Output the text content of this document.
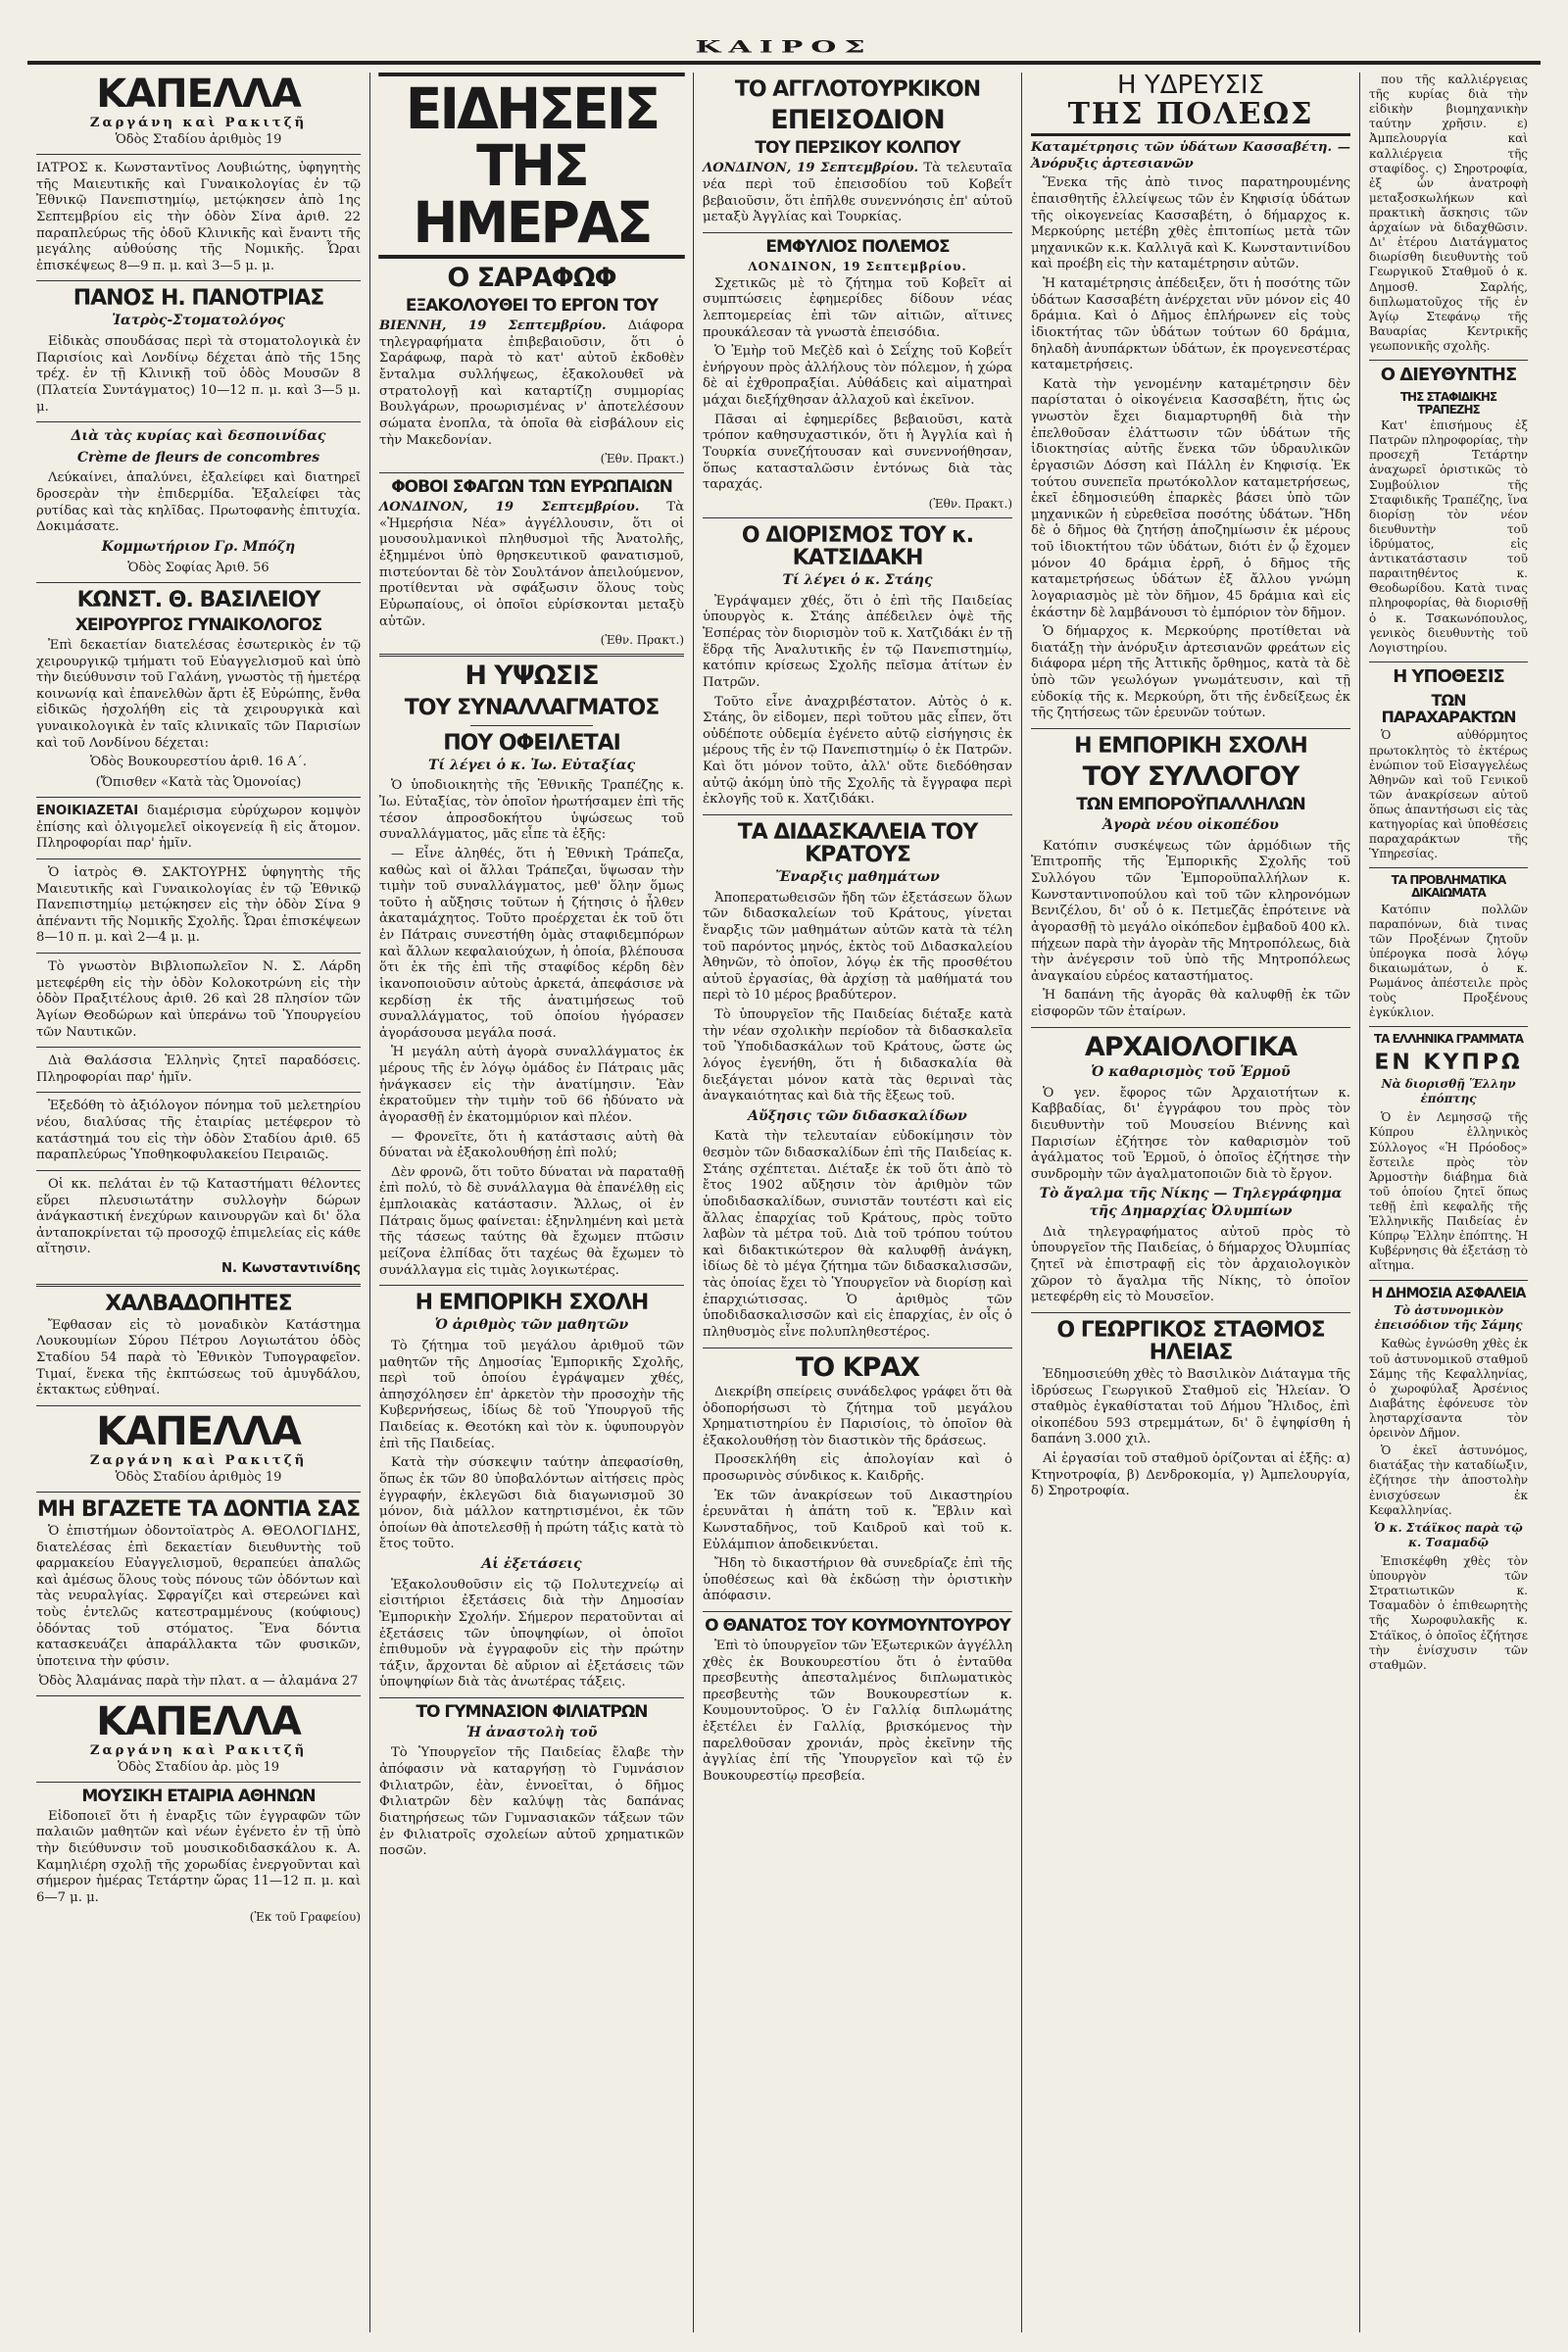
ΚΑΙΡΟΣ
ΚΑΠΕΛΛΑ
Ζαργάνη καὶ Ρακιτζῆ
Ὁδὸς Σταδίου ἀριθμὸς 19

ΙΑΤΡΟΣ κ. Κωνσταντῖνος Λουβιώτης, ὑφηγητὴς τῆς Μαιευτικῆς καὶ Γυναικολογίας ἐν τῷ Ἐθνικῷ Πανεπιστημίῳ, μετῴκησεν ἀπὸ 1ης Σεπτεμβρίου εἰς τὴν ὁδὸν Σίνα ἀριθ. 22 παραπλεύρως τῆς ὁδοῦ Κλινικῆς καὶ ἔναντι τῆς μεγάλης αὐθούσης τῆς Νομικῆς. Ὧραι ἐπισκέψεως 8—9 π. μ. καὶ 3—5 μ. μ.

ΠΑΝΟΣ Η. ΠΑΝΟΤΡΙΑΣ
Ἰατρὸς-Στοματολόγος

Εἰδικὰς σπουδάσας περὶ τὰ στοματολογικὰ ἐν Παρισίοις καὶ Λονδίνῳ δέχεται ἀπὸ τῆς 15ης τρέχ. ἐν τῇ Κλινικῇ τοῦ ὁδὸς Μουσῶν 8 (Πλατεία Συντάγματος) 10—12 π. μ. καὶ 3—5 μ. μ.

Διὰ τὰς κυρίας καὶ δεσποινίδας
Crème de fleurs de concombres

Λεύκαίνει, ἁπαλύνει, ἐξαλείφει καὶ διατηρεῖ δροσερὰν τὴν ἐπιδερμίδα. Ἐξαλείφει τὰς ρυτίδας καὶ τὰς κηλῖδας. Πρωτοφανὴς ἐπιτυχία. Δοκιμάσατε.

Κομμωτήριον Γρ. Μπόζη
Ὁδὸς Σοφίας Ἀριθ. 56
ΚΩΝΣΤ. Θ. ΒΑΣΙΛΕΙΟΥ
ΧΕΙΡΟΥΡΓΟΣ ΓΥΝΑΙΚΟΛΟΓΟΣ

Ἐπὶ δεκαετίαν διατελέσας ἐσωτερικὸς ἐν τῷ χειρουργικῷ τμήματι τοῦ Εὐαγγελισμοῦ καὶ ὑπὸ τὴν διεύθυνσιν τοῦ Γαλάνη, γνωστὸς τῇ ἡμετέρᾳ κοινωνίᾳ καὶ ἐπανελθὼν ἄρτι ἐξ Εὐρώπης, ἔνθα εἰδικῶς ἠσχολήθη εἰς τὰ χειρουργικὰ καὶ γυναικολογικὰ ἐν ταῖς κλινικαῖς τῶν Παρισίων καὶ τοῦ Λονδίνου δέχεται:

Ὁδὸς Βουκουρεστίου ἀριθ. 16 Α΄.
(Ὄπισθεν «Κατὰ τὰς Ὁμονοίας)

ΕΝΟΙΚΙΑΖΕΤΑΙ διαμέρισμα εὐρύχωρον κομψὸν ἐπίσης καὶ ὀλιγομελεῖ οἰκογενείᾳ ἢ εἰς ἄτομον. Πληροφορίαι παρ' ἡμῖν.

Ὁ ἰατρὸς Θ. ΣΑΚΤΟΥΡΗΣ ὑφηγητὴς τῆς Μαιευτικῆς καὶ Γυναικολογίας ἐν τῷ Ἐθνικῷ Πανεπιστημίῳ μετῴκησεν εἰς τὴν ὁδὸν Σίνα 9 ἀπέναντι τῆς Νομικῆς Σχολῆς. Ὧραι ἐπισκέψεων 8—10 π. μ. καὶ 2—4 μ. μ.

Τὸ γνωστὸν Βιβλιοπωλεῖον Ν. Σ. Λάρδη μετεφέρθη εἰς τὴν ὁδὸν Κολοκοτρώνη εἰς τὴν ὁδὸν Πραξιτέλους ἀριθ. 26 καὶ 28 πλησίον τῶν Ἀγίων Θεοδώρων καὶ ὑπεράνω τοῦ Ὑπουργείου τῶν Ναυτικῶν.

Διὰ Θαλάσσια Ἑλληνὶς ζητεῖ παραδόσεις. Πληροφορίαι παρ' ἡμῖν.

Ἐξεδόθη τὸ ἀξιόλογον πόνημα τοῦ μελετηρίου νέου, διαλύσας τῆς ἑταιρίας μετέφερον τὸ κατάστημά του εἰς τὴν ὁδὸν Σταδίου ἀριθ. 65 παραπλεύρως Ὑποθηκοφυλακείου Πειραιῶς.

Οἱ κκ. πελάται ἐν τῷ Καταστήματι θέλοντες εὕρει πλευσιωτάτην συλλογὴν δώρων ἀνάγκαστική ἐνεχύρων καινουργῶν καὶ δι' ὅλα ἀνταποκρίνεται τῷ προσοχῷ ἐπιμελείας εἰς κάθε αἴτησιν.

Ν. Κωνσταντινίδης

ΧΑΛΒΑΔΟΠΗΤΕΣ

Ἔφθασαν εἰς τὸ μοναδικὸν Κατάστημα Λουκουμίων Σύρου Πέτρου Λογιωτάτου ὁδὸς Σταδίου 54 παρὰ τὸ Ἐθνικὸν Τυπογραφεῖον. Τιμαί, ἕνεκα τῆς ἐκπτώσεως τοῦ ἀμυγδάλου, ἐκτακτως εὐθηναί.

ΚΑΠΕΛΛΑ
Ζαργάνη καὶ Ρακιτζῆ
Ὁδὸς Σταδίου ἀριθμὸς 19
ΜΗ ΒΓΑΖΕΤΕ ΤΑ ΔΟΝΤΙΑ ΣΑΣ

Ὁ ἐπιστήμων ὀδοντοϊατρὸς Α. ΘΕΟΛΟΓΙΔΗΣ, διατελέσας ἐπὶ δεκαετίαν διευθυντὴς τοῦ φαρμακείου Εὐαγγελισμοῦ, θεραπεύει ἀπαλῶς καὶ ἀμέσως ὅλους τοὺς πόνους τῶν ὀδόντων καὶ τὰς νευραλγίας. Σφραγίζει καὶ στερεώνει καὶ τοὺς ἐντελῶς κατεστραμμένους (κούφιους) ὀδόντας τοῦ στόματος. Ἕνα δόντια κατασκευάζει ἀπαράλλακτα τῶν φυσικῶν, ὑποτεινα τὴν φύσιν.

Ὀδὸς Ἀλαμάνας παρὰ τὴν πλατ. α — ἀλαμάνα 27
ΚΑΠΕΛΛΑ
Ζαργάνη καὶ Ρακιτζῆ
Ὁδὸς Σταδίου ἀρ. μὸς 19
ΜΟΥΣΙΚΗ ΕΤΑΙΡΙΑ ΑΘΗΝΩΝ

Εἰδοποιεῖ ὅτι ἡ ἐναρξις τῶν ἐγγραφῶν τῶν παλαιῶν μαθητῶν καὶ νέων ἐγένετο ἐν τῇ ὑπὸ τὴν διεύθυνσιν τοῦ μουσικοδιδασκάλου κ. Α. Καμηλιέρη σχολῇ τῆς χορωδίας ἐνεργοῦνται καὶ σήμερον ἡμέρας Τετάρτην ὥρας 11—12 π. μ. καὶ 6—7 μ. μ.

(Ἐκ τοῦ Γραφείου)
ΕΙΔΗΣΕΙΣ ΤΗΣ ΗΜΕΡΑΣ
Ο ΣΑΡΑΦΩΦ
ΕΞΑΚΟΛΟΥΘΕΙ ΤΟ ΕΡΓΟΝ ΤΟΥ

ΒΙΕΝΝΗ, 19 Σεπτεμβρίου. Διάφορα τηλεγραφήματα ἐπιβεβαιοῦσιν, ὅτι ὁ Σαράφωφ, παρὰ τὸ κατ' αὐτοῦ ἐκδοθὲν ἔνταλμα συλλήψεως, ἐξακολουθεῖ νὰ στρατολογῇ καὶ καταρτίζῃ συμμορίας Βουλγάρων, προωρισμένας ν' ἀποτελέσουν σώματα ἐνοπλα, τὰ ὁποῖα θὰ εἰσβάλουν εἰς τὴν Μακεδονίαν.

(Ἐθν. Πρακτ.)
ΦΟΒΟΙ ΣΦΑΓΩΝ ΤΩΝ ΕΥΡΩΠΑΙΩΝ

ΛΟΝΔΙΝΟΝ, 19 Σεπτεμβρίου. Τὰ «Ἡμερήσια Νέα» ἀγγέλλουσιν, ὅτι οἱ μουσουλμανικοὶ πληθυσμοὶ τῆς Ἀνατολῆς, ἐξημμένοι ὑπὸ θρησκευτικοῦ φανατισμοῦ, πιστεύονται δὲ τὸν Σουλτάνον ἀπειλούμενον, προτίθενται νὰ σφάξωσιν ὅλους τοὺς Εὐρωπαίους, οἱ ὁποῖοι εὑρίσκονται μεταξὺ αὐτῶν.

(Ἐθν. Πρακτ.)
Η ΥΨΩΣΙΣ
ΤΟΥ ΣΥΝΑΛΛΑΓΜΑΤΟΣ
ΠΟΥ ΟΦΕΙΛΕΤΑΙ
Τί λέγει ὁ κ. Ἰω. Εὐταξίας

Ὁ ὑποδιοικητὴς τῆς Ἐθνικῆς Τραπέζης κ. Ἰω. Εὐταξίας, τὸν ὁποῖον ἠρωτήσαμεν ἐπὶ τῆς τέσον ἀπροσδοκήτου ὑψώσεως τοῦ συναλλάγματος, μᾶς εἶπε τὰ ἑξῆς:

— Εἶνε ἀληθές, ὅτι ἡ Ἐθνικὴ Τράπεζα, καθὼς καὶ οἱ ἄλλαι Τράπεζαι, ὕψωσαν τὴν τιμὴν τοῦ συναλλάγματος, μεθ' ὅλην ὅμως τοῦτο ἡ αὔξησις τοῦτων ἡ ζήτησις ὁ ἦλθεν ἀκαταμάχητος. Τοῦτο προέρχεται ἐκ τοῦ ὅτι ἐν Πάτραις συνεστήθη ὁμὰς σταφιδεμπόρων καὶ ἄλλων κεφαλαιούχων, ἡ ὁποία, βλέπουσα ὅτι ἐκ τῆς ἐπὶ τῆς σταφίδος κέρδη δὲν ἱκανοποιοῦσιν αὐτοὺς ἀρκετά, ἀπεφάσισε νὰ κερδίσῃ ἐκ τῆς ἀνατιμήσεως τοῦ συναλλάγματος, τοῦ ὁποίου ἠγόρασεν ἀγοράσουσα μεγάλα ποσά.

Ἡ μεγάλη αὐτὴ ἀγορὰ συναλλάγματος ἐκ μέρους τῆς ἐν λόγῳ ὁμάδος ἐν Πάτραις μᾶς ἠνάγκασεν εἰς τὴν ἀνατίμησιν. Ἐὰν ἐκρατοῦμεν τὴν τιμὴν τοῦ 66 ἠδύνατο νὰ ἀγορασθῇ ἐν ἑκατομμύριον καὶ πλέον.

— Φρονεῖτε, ὅτι ἡ κατάστασις αὐτὴ θὰ δύναται νὰ ἐξακολουθήσῃ ἐπὶ πολύ;

Δὲν φρονῶ, ὅτι τοῦτο δύναται νὰ παραταθῇ ἐπὶ πολύ, τὸ δὲ συνάλλαγμα θὰ ἐπανέλθῃ εἰς ἐμπλοιακὰς κατάστασιν. Ἄλλως, οἱ ἐν Πάτραις ὅμως φαίνεται: ἐξηνλημένη καὶ μετὰ τῆς τάσεως ταύτης θὰ ἔχωμεν πτῶσιν μείζονα ἐλπίδας ὅτι ταχέως θὰ ἔχωμεν τὸ συνάλλαγμα εἰς τιμὰς λογικωτέρας.

Η ΕΜΠΟΡΙΚΗ ΣΧΟΛΗ
Ὁ ἀριθμὸς τῶν μαθητῶν

Τὸ ζήτημα τοῦ μεγάλου ἀριθμοῦ τῶν μαθητῶν τῆς Δημοσίας Ἐμπορικῆς Σχολῆς, περὶ τοῦ ὁποίου ἐγράψαμεν χθές, ἀπησχόλησεν ἐπ' ἀρκετὸν τὴν προσοχὴν τῆς Κυβερνήσεως, ἰδίως δὲ τοῦ Ὑπουργοῦ τῆς Παιδείας κ. Θεοτόκη καὶ τὸν κ. ὑφυπουργὸν ἐπὶ τῆς Παιδείας.

Κατὰ τὴν σύσκεψιν ταύτην ἀπεφασίσθη, ὅπως ἐκ τῶν 80 ὑποβαλόντων αἰτήσεις πρὸς ἐγγραφήν, ἐκλεγῶσι διὰ διαγωνισμοῦ 30 μόνον, διὰ μάλλον κατηρτισμένοι, ἐκ τῶν ὁποίων θὰ ἀποτελεσθῇ ἡ πρώτη τάξις κατὰ τὸ ἔτος τοῦτο.

Αἱ ἐξετάσεις

Ἐξακολουθοῦσιν εἰς τῷ Πολυτεχνείῳ αἱ εἰσιτήριοι ἐξετάσεις διὰ τὴν Δημοσίαν Ἐμπορικὴν Σχολήν. Σήμερον περατοῦνται αἱ ἐξετάσεις τῶν ὑποψηφίων, οἱ ὁποῖοι ἐπιθυμοῦν νὰ ἐγγραφοῦν εἰς τὴν πρώτην τάξιν, ἄρχονται δὲ αὔριον αἱ ἐξετάσεις τῶν ὑποψηφίων διὰ τὰς ἀνωτέρας τάξεις.

ΤΟ ΓΥΜΝΑΣΙΟΝ ΦΙΛΙΑΤΡΩΝ
Ἡ ἀναστολὴ τοῦ

Τὸ Ὑπουργεῖον τῆς Παιδείας ἔλαβε τὴν ἀπόφασιν νὰ καταργήσῃ τὸ Γυμνάσιον Φιλιατρῶν, ἐὰν, ἐννοεῖται, ὁ δῆμος Φιλιατρῶν δὲν καλύψῃ τὰς δαπάνας διατηρήσεως τῶν Γυμνασιακῶν τάξεων τῶν ἐν Φιλιατροῖς σχολείων αὐτοῦ χρηματικῶν ποσῶν.

ΤΟ ΑΓΓΛΟΤΟΥΡΚΙΚΟΝ
ΕΠΕΙΣΟΔΙΟΝ
ΤΟΥ ΠΕΡΣΙΚΟΥ ΚΟΛΠΟΥ

ΛΟΝΔΙΝΟΝ, 19 Σεπτεμβρίου. Τὰ τελευταῖα νέα περὶ τοῦ ἐπεισοδίου τοῦ Κοβεΐτ βεβαιοῦσιν, ὅτι ἐπῆλθε συνεννόησις ἐπ' αὐτοῦ μεταξὺ Ἀγγλίας καὶ Τουρκίας.

ΕΜΦΥΛΙΟΣ ΠΟΛΕΜΟΣ
ΛΟΝΔΙΝΟΝ, 19 Σεπτεμβρίου.

Σχετικῶς μὲ τὸ ζήτημα τοῦ Κοβεῖτ αἱ συμπτώσεις ἐφημερίδες δίδουν νέας λεπτομερείας ἐπὶ τῶν αἰτιῶν, αἵτινες προυκάλεσαν τὰ γνωστὰ ἐπεισόδια.

Ὁ Ἐμὴρ τοῦ Μεζὲδ καὶ ὁ Σεΐχης τοῦ Κοβεΐτ ἐνήργουν πρὸς ἀλλήλους τὸν πόλεμον, ἡ χώρα δὲ αἱ ἐχθροπραξίαι. Αὐθάδεις καὶ αἱματηραὶ μάχαι διεξήχθησαν ἀλλαχοῦ καὶ ἐκεῖνον.

Πᾶσαι αἱ ἐφημερίδες βεβαιοῦσι, κατὰ τρόπον καθησυχαστικόν, ὅτι ἡ Ἀγγλία καὶ ἡ Τουρκία συνεζήτουσαν καὶ συνεννοήθησαν, ὅπως κατασταλῶσιν ἐντόνως διὰ τὰς ταραχάς.

(Ἐθν. Πρακτ.)
Ο ΔΙΟΡΙΣΜΟΣ ΤΟΥ κ. ΚΑΤΣΙΔΑΚΗ
Τί λέγει ὁ κ. Στάης

Ἐγράψαμεν χθές, ὅτι ὁ ἐπὶ τῆς Παιδείας ὑπουργὸς κ. Στάης ἀπέδειλεν ὀψὲ τῆς Ἑσπέρας τὸν διορισμὸν τοῦ κ. Χατζιδάκι ἐν τῇ ἕδρᾳ τῆς Ἀναλυτικῆς ἐν τῷ Πανεπιστημίῳ, κατόπιν κρίσεως Σχολῆς πεῖσμα ἀτίτων ἐν Πατρῶν.

Τοῦτο εἶνε ἀναχριβέστατον. Αὐτὸς ὁ κ. Στάης, ὃν εἰδομεν, περὶ τοῦτου μᾶς εἶπεν, ὅτι οὐδέποτε οὐδεμία ἐγένετο αὐτῷ εἰσήγησις ἐκ μέρους τῆς ἐν τῷ Πανεπιστημίῳ ὁ ἐκ Πατρῶν. Καὶ ὅτι μόνον τοῦτο, ἀλλ' οὔτε διεδόθησαν αὐτῷ ἀκόμη ὑπὸ τῆς Σχολῆς τὰ ἔγγραφα περὶ ἐκλογῆς τοῦ κ. Χατζιδάκι.

ΤΑ ΔΙΔΑΣΚΑΛΕΙΑ ΤΟΥ ΚΡΑΤΟΥΣ
Ἔναρξις μαθημάτων

Ἀποπερατωθεισῶν ἤδη τῶν ἐξετάσεων ὅλων τῶν διδασκαλείων τοῦ Κράτους, γίνεται ἔναρξις τῶν μαθημάτων αὐτῶν κατὰ τὰ τέλη τοῦ παρόντος μηνός, ἐκτὸς τοῦ Διδασκαλείου Ἀθηνῶν, τὸ ὁποῖον, λόγῳ ἐκ τῆς προσθέτου αὐτοῦ ἐργασίας, θὰ ἀρχίσῃ τὰ μαθήματά του περὶ τὸ 10 μέρος βραδύτερον.

Τὸ ὑπουργεῖον τῆς Παιδείας διέταξε κατὰ τὴν νέαν σχολικὴν περίοδον τὰ διδασκαλεῖα τοῦ Ὑποδιδασκάλων τοῦ Κράτους, ὥστε ὡς λόγος ἐγενήθη, ὅτι ἡ διδασκαλία θὰ διεξάγεται μόνον κατὰ τὰς θεριναὶ τὰς ἀναγκαιότητας καὶ διὰ τῆς ἔξεως τοῦ.

Αὔξησις τῶν διδασκαλίδων

Κατὰ τὴν τελευταίαν εὐδοκίμησιν τὸν θεσμὸν τῶν διδασκαλίδων ἐπὶ τῆς Παιδείας κ. Στάης σχέπτεται. Διέταξε ἐκ τοῦ ὅτι ἀπὸ τὸ ἔτος 1902 αὔξησιν τὸν ἀριθμὸν τῶν ὑποδιδασκαλίδων, συνιστᾶν τουτέστι καὶ εἰς ἄλλας ἐπαρχίας τοῦ Κράτους, πρὸς τοῦτο λαβὼν τὰ μέτρα τοῦ. Διὰ τοῦ τρόπου τούτου καὶ διδακτικώτερον θὰ καλυφθῇ ἀνάγκη, ἰδίως δὲ τὸ μέγα ζήτημα τῶν διδασκαλισσῶν, τὰς ὁποίας ἔχει τὸ Ὑπουργεῖον νὰ διορίσῃ καὶ ἐπαρχιώτισσας. Ὁ ἀριθμὸς τῶν ὑποδιδασκαλισσῶν καὶ εἰς ἐπαρχίας, ἐν οἷς ὁ πληθυσμὸς εἶνε πολυπληθεστέρος.

ΤΟ ΚΡΑΧ

Διεκρίβη σπείρεις συνάδελφος γράφει ὅτι θὰ ὁδοπορήσωσι τὸ ζήτημα τοῦ μεγάλου Χρηματιστηρίου ἐν Παρισίοις, τὸ ὁποῖον θὰ ἐξακολουθήσῃ τὸν διαστικὸν τῆς δράσεως.

Προσεκλήθη εἰς ἀπολογίαν καὶ ὁ προσωρινὸς σύνδικος κ. Καιδρῆς.

Ἐκ τῶν ἀνακρίσεων τοῦ Δικαστηρίου ἐρευνᾶται ἡ ἀπάτη τοῦ κ. Ἔβλιν καὶ Κωνσταδῆνος, τοῦ Καιδροῦ καὶ τοῦ κ. Εὐλάμπιον ἀποδεικνύεται.

Ἤδη τὸ δικαστήριον θὰ συνεδρίαζε ἐπὶ τῆς ὑποθέσεως καὶ θὰ ἐκδώσῃ τὴν ὁριστικὴν ἀπόφασιν.

Ο ΘΑΝΑΤΟΣ ΤΟΥ ΚΟΥΜΟΥΝΤΟΥΡΟΥ

Ἐπὶ τὸ ὑπουργεῖον τῶν Ἐξωτερικῶν ἀγγέλλη χθὲς ἐκ Βουκουρεστίου ὅτι ὁ ἐνταῦθα πρεσβευτὴς ἀπεσταλμένος διπλωματικὸς πρεσβευτὴς τῶν Βουκουρεστίων κ. Κουμουντοῦρος. Ὁ ἐν Γαλλίᾳ διπλωμάτης ἐξετέλει ἐν Γαλλίᾳ, βρισκόμενος τὴν παρελθοῦσαν χρονιάν, πρὸς ἐκεῖνην τῆς ἀγγλίας ἐπί τῆς Ὑπουργεῖον καὶ τῷ ἐν Βουκουρεστίῳ πρεσβεία.

Η ΥΔΡΕΥΣΙΣ
ΤΗΣ ΠΟΛΕΩΣ

Καταμέτρησις τῶν ὑδάτων Κασσαβέτη. — Ἀνόρυξις ἀρτεσιανῶν

Ἕνεκα τῆς ἀπὸ τινος παρατηρουμένης ἐπαισθητῆς ἐλλείψεως τῶν ἐν Κηφισίᾳ ὑδάτων τῆς οἰκογενείας Κασσαβέτη, ὁ δήμαρχος κ. Μερκούρης μετέβη χθὲς ἐπιτοπίως μετὰ τῶν μηχανικῶν κ.κ. Καλλιγᾶ καὶ Κ. Κωνσταντινίδου καὶ προέβη εἰς τὴν καταμέτρησιν αὐτῶν.

Ἡ καταμέτρησις ἀπέδειξεν, ὅτι ἡ ποσότης τῶν ὑδάτων Κασσαβέτη ἀνέρχεται νῦν μόνον εἰς 40 δράμια. Καὶ ὁ Δῆμος ἐπλήρωνεν εἰς τοὺς ἰδιοκτήτας τῶν ὑδάτων τούτων 60 δράμια, δηλαδὴ ἀνυπάρκτων ὑδάτων, ἐκ προγενεστέρας καταμετρήσεις.

Κατὰ τὴν γενομένην καταμέτρησιν δὲν παρίσταται ὁ οἰκογένεια Κασσαβέτη, ἥτις ὡς γνωστὸν ἔχει διαμαρτυρηθῆ διὰ τὴν ἐπελθοῦσαν ἐλάττωσιν τῶν ὑδάτων τῆς ἰδιοκτησίας αὐτῆς ἕνεκα τῶν ὑδραυλικῶν ἐργασιῶν Δόσση καὶ Πάλλη ἐν Κηφισίᾳ. Ἐκ τούτου συνεπεῖα πρωτόκολλον καταμετρήσεως, ἐκεῖ ἐδημοσιεύθη ἐπαρκὲς βάσει ὑπὸ τῶν μηχανικῶν ἡ εὐρεθεῖσα ποσότης ὑδάτων. Ἤδη δὲ ὁ δῆμος θὰ ζητήσῃ ἀποζημίωσιν ἐκ μέρους τοῦ ἰδιοκτήτου τῶν ὑδάτων, διότι ἐν ᾧ ἔχομεν μόνον 40 δράμια ἐρρῆ, ὁ δῆμος τῆς καταμετρήσεως ὑδάτων ἐξ ἄλλου γνώμη λογαριασμὸς μὲ τὸν δῆμον, 45 δράμια καὶ εἰς ἑκάστην δὲ λαμβάνουσι τὸ ἐμπόριον τὸν δῆμον.

Ὁ δήμαρχος κ. Μερκούρης προτίθεται νὰ διατάξῃ τὴν ἀνόρυξιν ἀρτεσιανῶν φρεάτων εἰς διάφορα μέρη τῆς Ἀττικῆς ὄρθημος, κατὰ τὰ δὲ ὑπὸ τῶν γεωλόγων γνωμάτευσιν, καὶ τῇ εὐδοκίᾳ τῆς κ. Μερκούρη, ὅτι τῆς ἐνδείξεως ἐκ τῆς ζητήσεως τῶν ἐρευνῶν τούτων.

Η ΕΜΠΟΡΙΚΗ ΣΧΟΛΗ
ΤΟΥ ΣΥΛΛΟΓΟΥ
ΤΩΝ ΕΜΠΟΡΟΫΠΑΛΛΗΛΩΝ
Ἀγορὰ νέου οἰκοπέδου

Κατόπιν συσκέψεως τῶν ἀρμόδιων τῆς Ἐπιτροπῆς τῆς Ἐμπορικῆς Σχολῆς τοῦ Συλλόγου τῶν Ἐμποροϋπαλλήλων κ. Κωνσταντινοπούλου καὶ τοῦ τῶν κληρονόμων Βενιζέλου, δι' οὗ ὁ κ. Πετμεζᾶς ἐπρότεινε νὰ ἀγορασθῇ τὸ μεγάλο οἰκόπεδον ἐμβαδοῦ 400 κλ. πήχεων παρὰ τὴν ἀγορὰν τῆς Μητροπόλεως, διὰ τὴν ἀνέγερσιν τοῦ ὑπὸ τῆς Μητροπόλεως ἀναγκαίου εὐρέος καταστήματος.

Ἡ δαπάνη τῆς ἀγορᾶς θὰ καλυφθῇ ἐκ τῶν εἰσφορῶν τῶν ἑταίρων.

ΑΡΧΑΙΟΛΟΓΙΚΑ
Ὁ καθαρισμὸς τοῦ Ἑρμοῦ

Ὁ γεν. ἔφορος τῶν Ἀρχαιοτήτων κ. Καββαδίας, δι' ἐγγράφου του πρὸς τὸν διευθυντὴν τοῦ Μουσείου Βιέννης καὶ Παρισίων ἐζήτησε τὸν καθαρισμὸν τοῦ ἀγάλματος τοῦ Ἑρμοῦ, ὁ ὁποῖος ἐζήτησε τὴν συνδρομὴν τῶν ἀγαλματοποιῶν διὰ τὸ ἔργον.

Τὸ ἄγαλμα τῆς Νίκης — Τηλεγράφημα τῆς Δημαρχίας Ὀλυμπίων

Διὰ τηλεγραφήματος αὐτοῦ πρὸς τὸ ὑπουργεῖον τῆς Παιδείας, ὁ δήμαρχος Ὀλυμπίας ζητεῖ νὰ ἐπιστραφῇ εἰς τὸν ἀρχαιολογικὸν χῶρον τὸ ἄγαλμα τῆς Νίκης, τὸ ὁποῖον μετεφέρθη εἰς τὸ Μουσεῖον.

Ο ΓΕΩΡΓΙΚΟΣ ΣΤΑΘΜΟΣ ΗΛΕΙΑΣ

Ἐδημοσιεύθη χθὲς τὸ Βασιλικὸν Διάταγμα τῆς ἱδρύσεως Γεωργικοῦ Σταθμοῦ εἰς Ἡλείαν. Ὁ σταθμὸς ἐγκαθίσταται τοῦ Δήμου Ἤλιδος, ἐπὶ οἰκοπέδου 593 στρεμμάτων, δι' ὃ ἐψηφίσθη ἡ δαπάνη 3.000 χιλ.

Αἱ ἐργασίαι τοῦ σταθμοῦ ὁρίζονται αἱ ἑξῆς: α) Κτηνοτροφία, β) Δενδροκομία, γ) Ἀμπελουργία, δ) Σηροτροφία.

που τῆς καλλιέργειας τῆς κυρίας διὰ τὴν εἰδικὴν βιομηχανικὴν ταύτην χρῆσιν. ε) Ἀμπελουργία καὶ καλλιέργεια τῆς σταφίδος. ς) Σηροτροφία, ἐξ ὧν ἀνατροφὴ μεταξοσκωλήκων καὶ πρακτικὴ ἄσκησις τῶν ἀρχαίων νὰ διδαχθῶσιν. Δι' ἑτέρου Διατάγματος διωρίσθη διευθυντὴς τοῦ Γεωργικοῦ Σταθμοῦ ὁ κ. Δημοσθ. Σαρλής, διπλωματοῦχος τῆς ἐν Ἀγίῳ Στεφάνῳ τῆς Βαυαρίας Κεντρικῆς γεωπονικῆς σχολῆς.

Ο ΔΙΕΥΘΥΝΤΗΣ
ΤΗΣ ΣΤΑΦΙΔΙΚΗΣ ΤΡΑΠΕΖΗΣ

Κατ' ἐπισήμους ἐξ Πατρῶν πληροφορίας, τὴν προσεχῆ Τετάρτην ἀναχωρεῖ ὁριστικῶς τὸ Συμβούλιον τῆς Σταφιδικῆς Τραπέζης, ἵνα διορίσῃ τὸν νέον διευθυντὴν τοῦ ἱδρύματος, εἰς ἀντικατάστασιν τοῦ παραιτηθέντος κ. Θεοδωρίδου. Κατὰ τινας πληροφορίας, θὰ διορισθῇ ὁ κ. Τσακωνόπουλος, γενικὸς διευθυντὴς τοῦ Λογιστηρίου.

Η ΥΠΟΘΕΣΙΣ
ΤΩΝ ΠΑΡΑΧΑΡΑΚΤΩΝ

Ὁ αὐθόρμητος πρωτοκλητὸς τὸ ἐκτέρως ἐνώπιον τοῦ Εἰσαγγελέως Ἀθηνῶν καὶ τοῦ Γενικοῦ τῶν ἀνακρίσεων αὐτοῦ ὅπως ἀπαντήσωσι εἰς τὰς κατηγορίας καὶ ὑποθέσεις παραχαράκτων τῆς Ὑπηρεσίας.

ΤΑ ΠΡΟΒΛΗΜΑΤΙΚΑ ΔΙΚΑΙΩΜΑΤΑ

Κατόπιν πολλῶν παραπόνων, διὰ τινας τῶν Προξένων ζητοῦν ὑπέρογκα ποσὰ λόγῳ δικαιωμάτων, ὁ κ. Ρωμάνος ἀπέστειλε πρὸς τοὺς Προξένους ἐγκύκλιον.

ΤΑ ΕΛΛΗΝΙΚΑ ΓΡΑΜΜΑΤΑ
ΕΝ ΚΥΠΡΩ
Νὰ διορισθῇ Ἕλλην ἐπόπτης

Ὁ ἐν Λεμησσῷ τῆς Κύπρου ἑλληνικὸς Σύλλογος «Ἡ Πρόοδος» ἔστειλε πρὸς τὸν Ἀρμοστὴν διάβημα διὰ τοῦ ὁποίου ζητεῖ ὅπως τεθῇ ἐπὶ κεφαλῆς τῆς Ἑλληνικῆς Παιδείας ἐν Κύπρῳ Ἕλλην ἐπόπτης. Ἡ Κυβέρνησις θὰ ἐξετάσῃ τὸ αἴτημα.

Η ΔΗΜΟΣΙΑ ΑΣΦΑΛΕΙΑ
Τὸ ἀστυνομικὸν ἐπεισόδιον τῆς Σάμης

Καθὼς ἐγνώσθη χθὲς ἐκ τοῦ ἀστυνομικοῦ σταθμοῦ Σάμης τῆς Κεφαλληνίας, ὁ χωροφύλαξ Ἀρσένιος Διαβάτης ἐφόνευσε τὸν λησταρχίσαντα τὸν ὁρεινὸν Δῆμον.

Ὁ ἐκεῖ ἀστυνόμος, διατάξας τὴν καταδίωξιν, ἐζήτησε τὴν ἀποστολὴν ἐνισχύσεων ἐκ Κεφαλληνίας.

Ὁ κ. Στάϊκος παρὰ τῷ κ. Τσαμαδῷ

Ἐπισκέφθη χθὲς τὸν ὑπουργὸν τῶν Στρατιωτικῶν κ. Τσαμαδὸν ὁ ἐπιθεωρητὴς τῆς Χωροφυλακῆς κ. Στάϊκος, ὁ ὁποῖος ἐζήτησε τὴν ἐνίσχυσιν τῶν σταθμῶν.
